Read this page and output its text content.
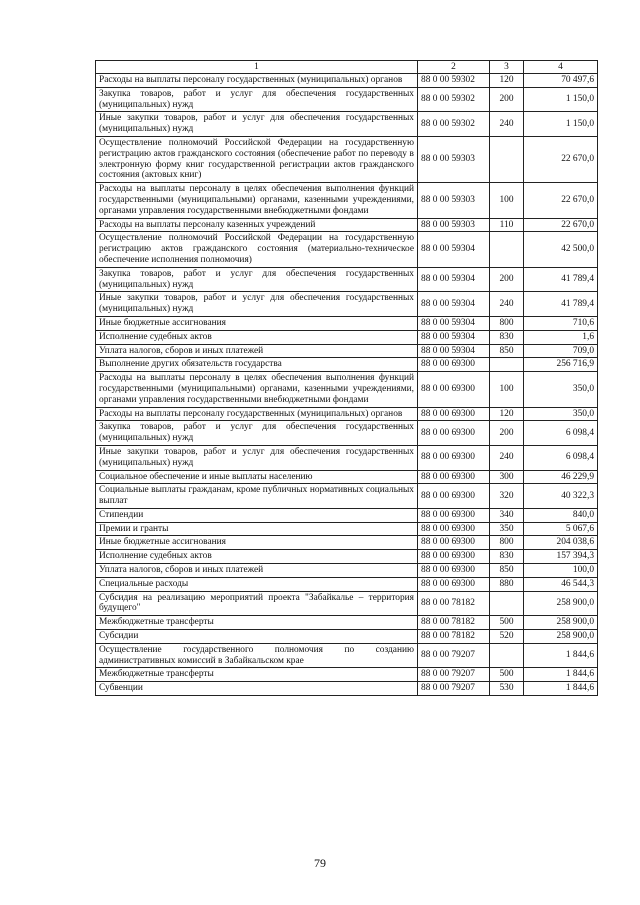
1	2	3	4
Расходы на выплаты персоналу государственных (муниципальных) органов	88 0 00 59302	120	70 497,6
Закупка товаров, работ и услуг для обеспечения государственных (муниципальных) нужд	88 0 00 59302	200	1 150,0
Иные закупки товаров, работ и услуг для обеспечения государственных (муниципальных) нужд	88 0 00 59302	240	1 150,0
Осуществление полномочий Российской Федерации на государственную регистрацию актов гражданского состояния (обеспечение работ по переводу в электронную форму книг государственной регистрации актов гражданского состояния (актовых книг)	88 0 00 59303		22 670,0
Расходы на выплаты персоналу в целях обеспечения выполнения функций государственными (муниципальными) органами, казенными учреждениями, органами управления государственными внебюджетными фондами	88 0 00 59303	100	22 670,0
Расходы на выплаты персоналу казенных учреждений	88 0 00 59303	110	22 670,0
Осуществление полномочий Российской Федерации на государственную регистрацию актов гражданского состояния (материально-техническое обеспечение исполнения полномочия)	88 0 00 59304		42 500,0
Закупка товаров, работ и услуг для обеспечения государственных (муниципальных) нужд	88 0 00 59304	200	41 789,4
Иные закупки товаров, работ и услуг для обеспечения государственных (муниципальных) нужд	88 0 00 59304	240	41 789,4
Иные бюджетные ассигнования	88 0 00 59304	800	710,6
Исполнение судебных актов	88 0 00 59304	830	1,6
Уплата налогов, сборов и иных платежей	88 0 00 59304	850	709,0
Выполнение других обязательств государства	88 0 00 69300		256 716,9
Расходы на выплаты персоналу в целях обеспечения выполнения функций государственными (муниципальными) органами, казенными учреждениями, органами управления государственными внебюджетными фондами	88 0 00 69300	100	350,0
Расходы на выплаты персоналу государственных (муниципальных) органов	88 0 00 69300	120	350,0
Закупка товаров, работ и услуг для обеспечения государственных (муниципальных) нужд	88 0 00 69300	200	6 098,4
Иные закупки товаров, работ и услуг для обеспечения государственных (муниципальных) нужд	88 0 00 69300	240	6 098,4
Социальное обеспечение и иные выплаты населению	88 0 00 69300	300	46 229,9
Социальные выплаты гражданам, кроме публичных нормативных социальных выплат	88 0 00 69300	320	40 322,3
Стипендии	88 0 00 69300	340	840,0
Премии и гранты	88 0 00 69300	350	5 067,6
Иные бюджетные ассигнования	88 0 00 69300	800	204 038,6
Исполнение судебных актов	88 0 00 69300	830	157 394,3
Уплата налогов, сборов и иных платежей	88 0 00 69300	850	100,0
Специальные расходы	88 0 00 69300	880	46 544,3
Субсидия на реализацию мероприятий проекта "Забайкалье – территория будущего"	88 0 00 78182		258 900,0
Межбюджетные трансферты	88 0 00 78182	500	258 900,0
Субсидии	88 0 00 78182	520	258 900,0
Осуществление государственного полномочия по созданию административных комиссий в Забайкальском крае	88 0 00 79207		1 844,6
Межбюджетные трансферты	88 0 00 79207	500	1 844,6
Субвенции	88 0 00 79207	530	1 844,6
79
